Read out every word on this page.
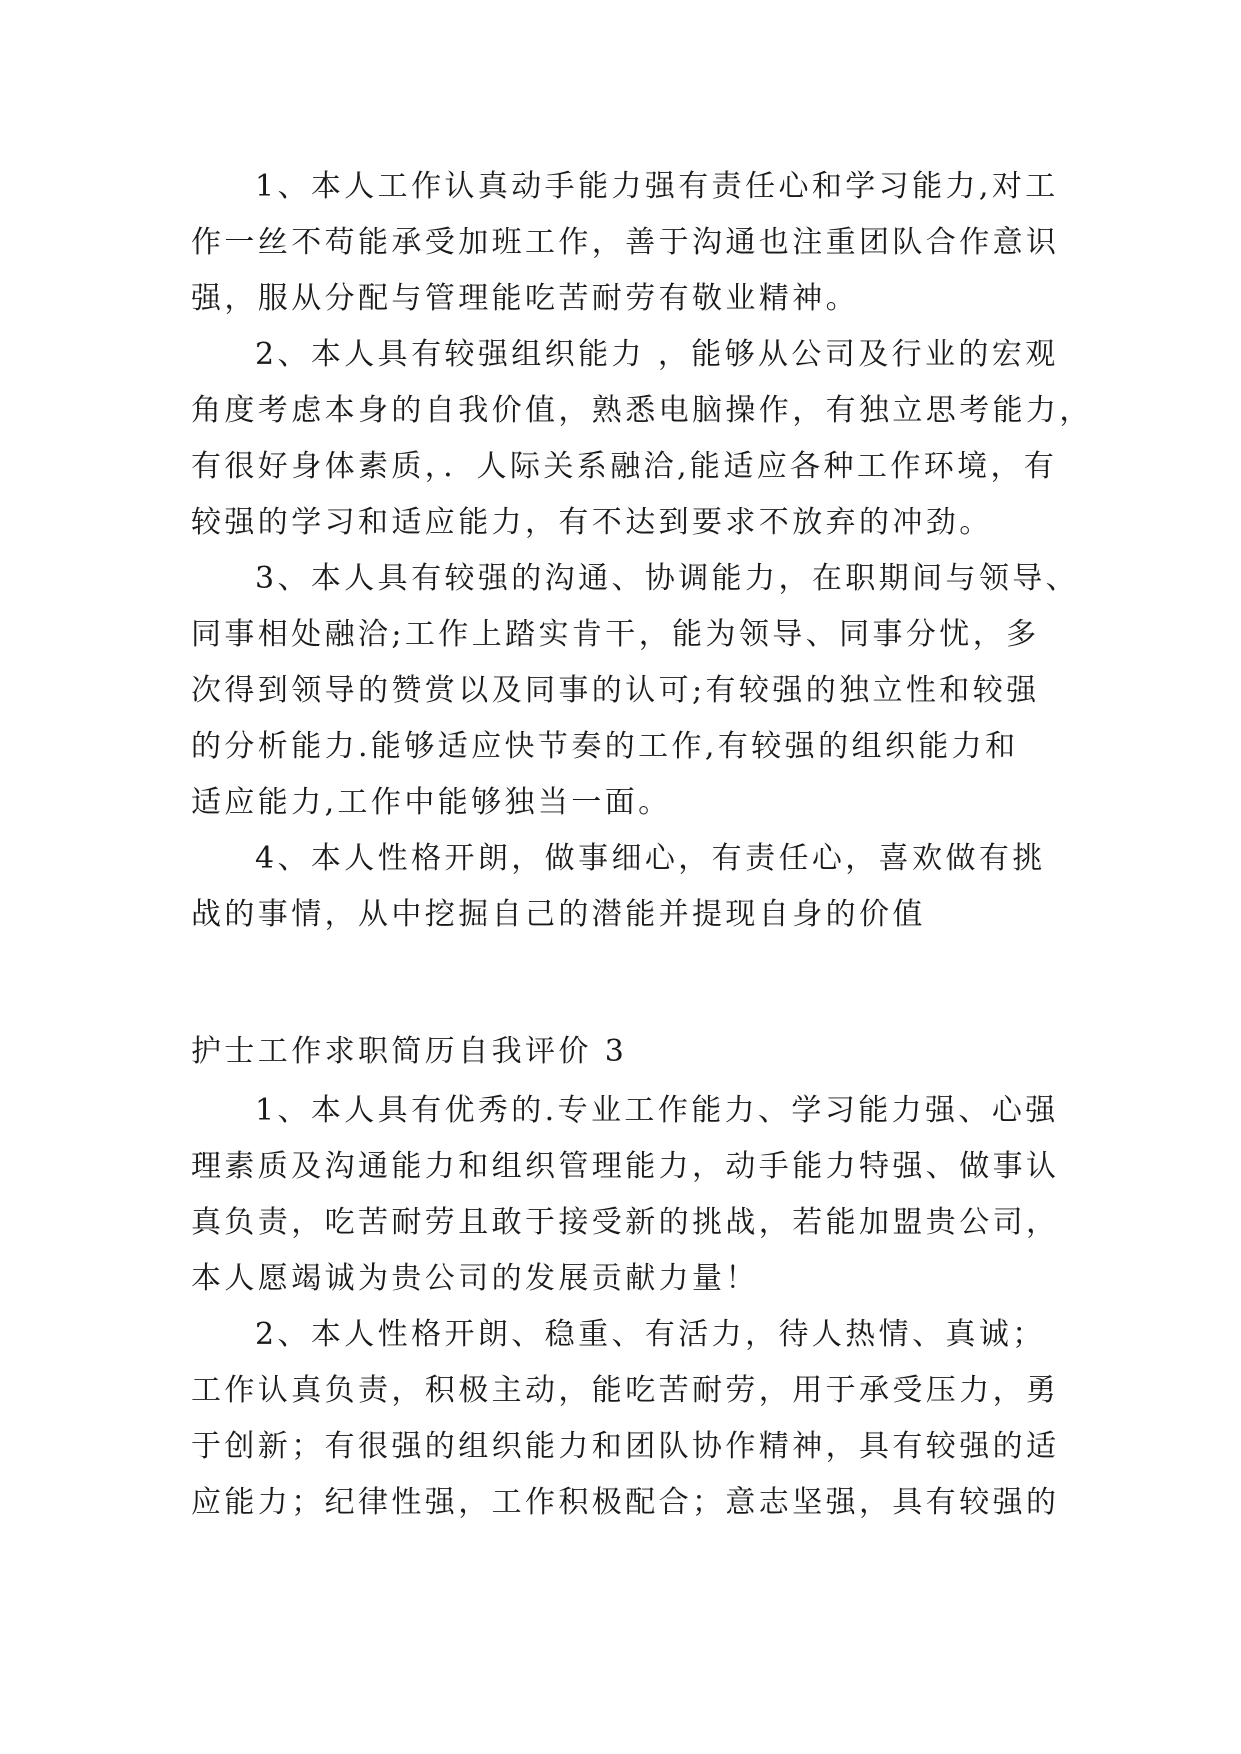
1、本人工作认真动手能力强有责任心和学习能力,对工
作一丝不苟能承受加班工作，善于沟通也注重团队合作意识
强，服从分配与管理能吃苦耐劳有敬业精神。
2、本人具有较强组织能力 ，能够从公司及行业的宏观
角度考虑本身的自我价值，熟悉电脑操作，有独立思考能力，
有很好身体素质，．人际关系融洽,能适应各种工作环境，有
较强的学习和适应能力，有不达到要求不放弃的冲劲。
3、本人具有较强的沟通、协调能力，在职期间与领导、
同事相处融洽;工作上踏实肯干，能为领导、同事分忧，多
次得到领导的赞赏以及同事的认可;有较强的独立性和较强
的分析能力.能够适应快节奏的工作,有较强的组织能力和
适应能力,工作中能够独当一面。
4、本人性格开朗，做事细心，有责任心，喜欢做有挑
战的事情，从中挖掘自己的潜能并提现自身的价值
护士工作求职简历自我评价 3
1、本人具有优秀的.专业工作能力、学习能力强、心强
理素质及沟通能力和组织管理能力，动手能力特强、做事认
真负责，吃苦耐劳且敢于接受新的挑战，若能加盟贵公司，
本人愿竭诚为贵公司的发展贡献力量！
2、本人性格开朗、稳重、有活力，待人热情、真诚；
工作认真负责，积极主动，能吃苦耐劳，用于承受压力，勇
于创新；有很强的组织能力和团队协作精神，具有较强的适
应能力；纪律性强，工作积极配合；意志坚强，具有较强的
